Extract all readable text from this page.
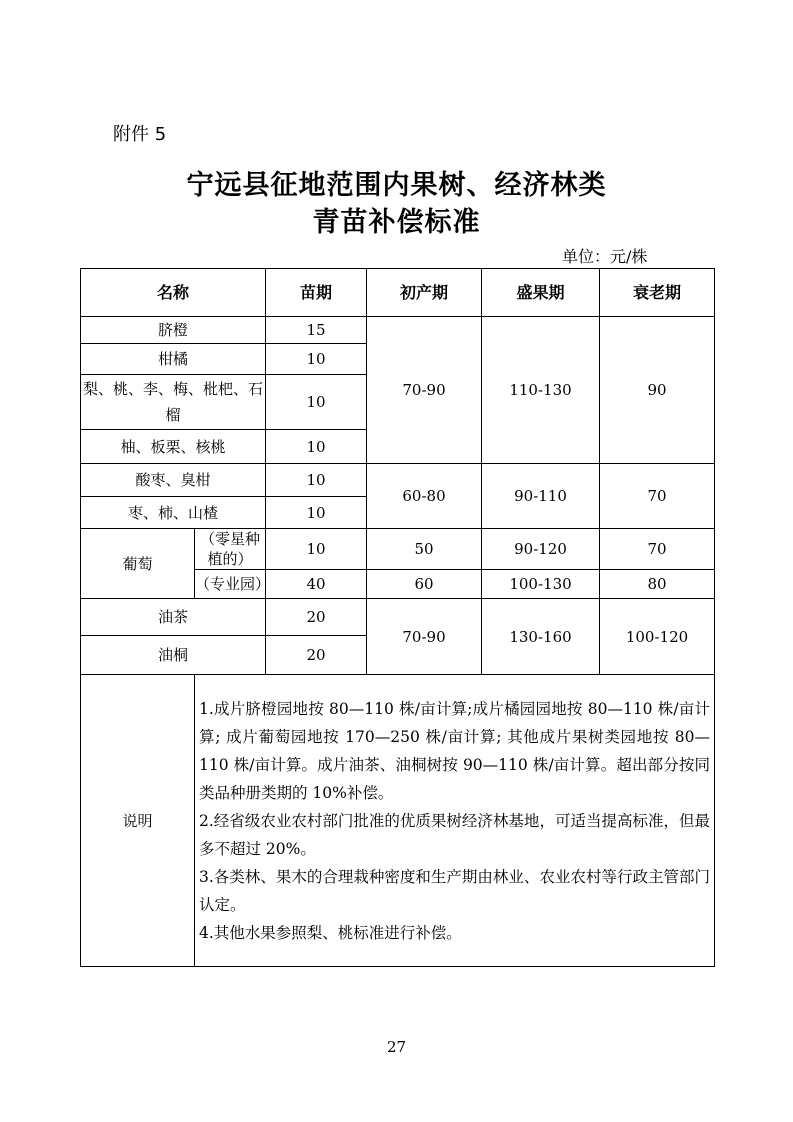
附件 5
宁远县征地范围内果树、经济林类
青苗补偿标准
单位：元/株
名称		苗期	初产期	盛果期	衰老期
脐橙		15	70-90	110-130	90
柑橘		10			
梨、桃、李、梅、枇杷、石榴		10			
柚、板栗、核桃		10			
酸枣、臭柑		10	60-80	90-110	70
枣、柿、山楂		10			
葡萄	（零星种植的）	10	50	90-120	70
	（专业园）	40	60	100-130	80
油茶		20	70-90	130-160	100-120
油桐		20			
说明	1.成片脐橙园地按 80—110 株/亩计算;成片橘园园地按 80—110 株/亩计算; 成片葡萄园地按 170—250 株/亩计算; 其他成片果树类园地按 80—110 株/亩计算。成片油茶、油桐树按 90—110 株/亩计算。超出部分按同类品种册类期的 10%补偿。

2.经省级农业农村部门批准的优质果树经济林基地，可适当提高标准，但最多不超过 20%。

3.各类林、果木的合理栽种密度和生产期由林业、农业农村等行政主管部门认定。

4.其他水果参照梨、桃标准进行补偿。				

27
